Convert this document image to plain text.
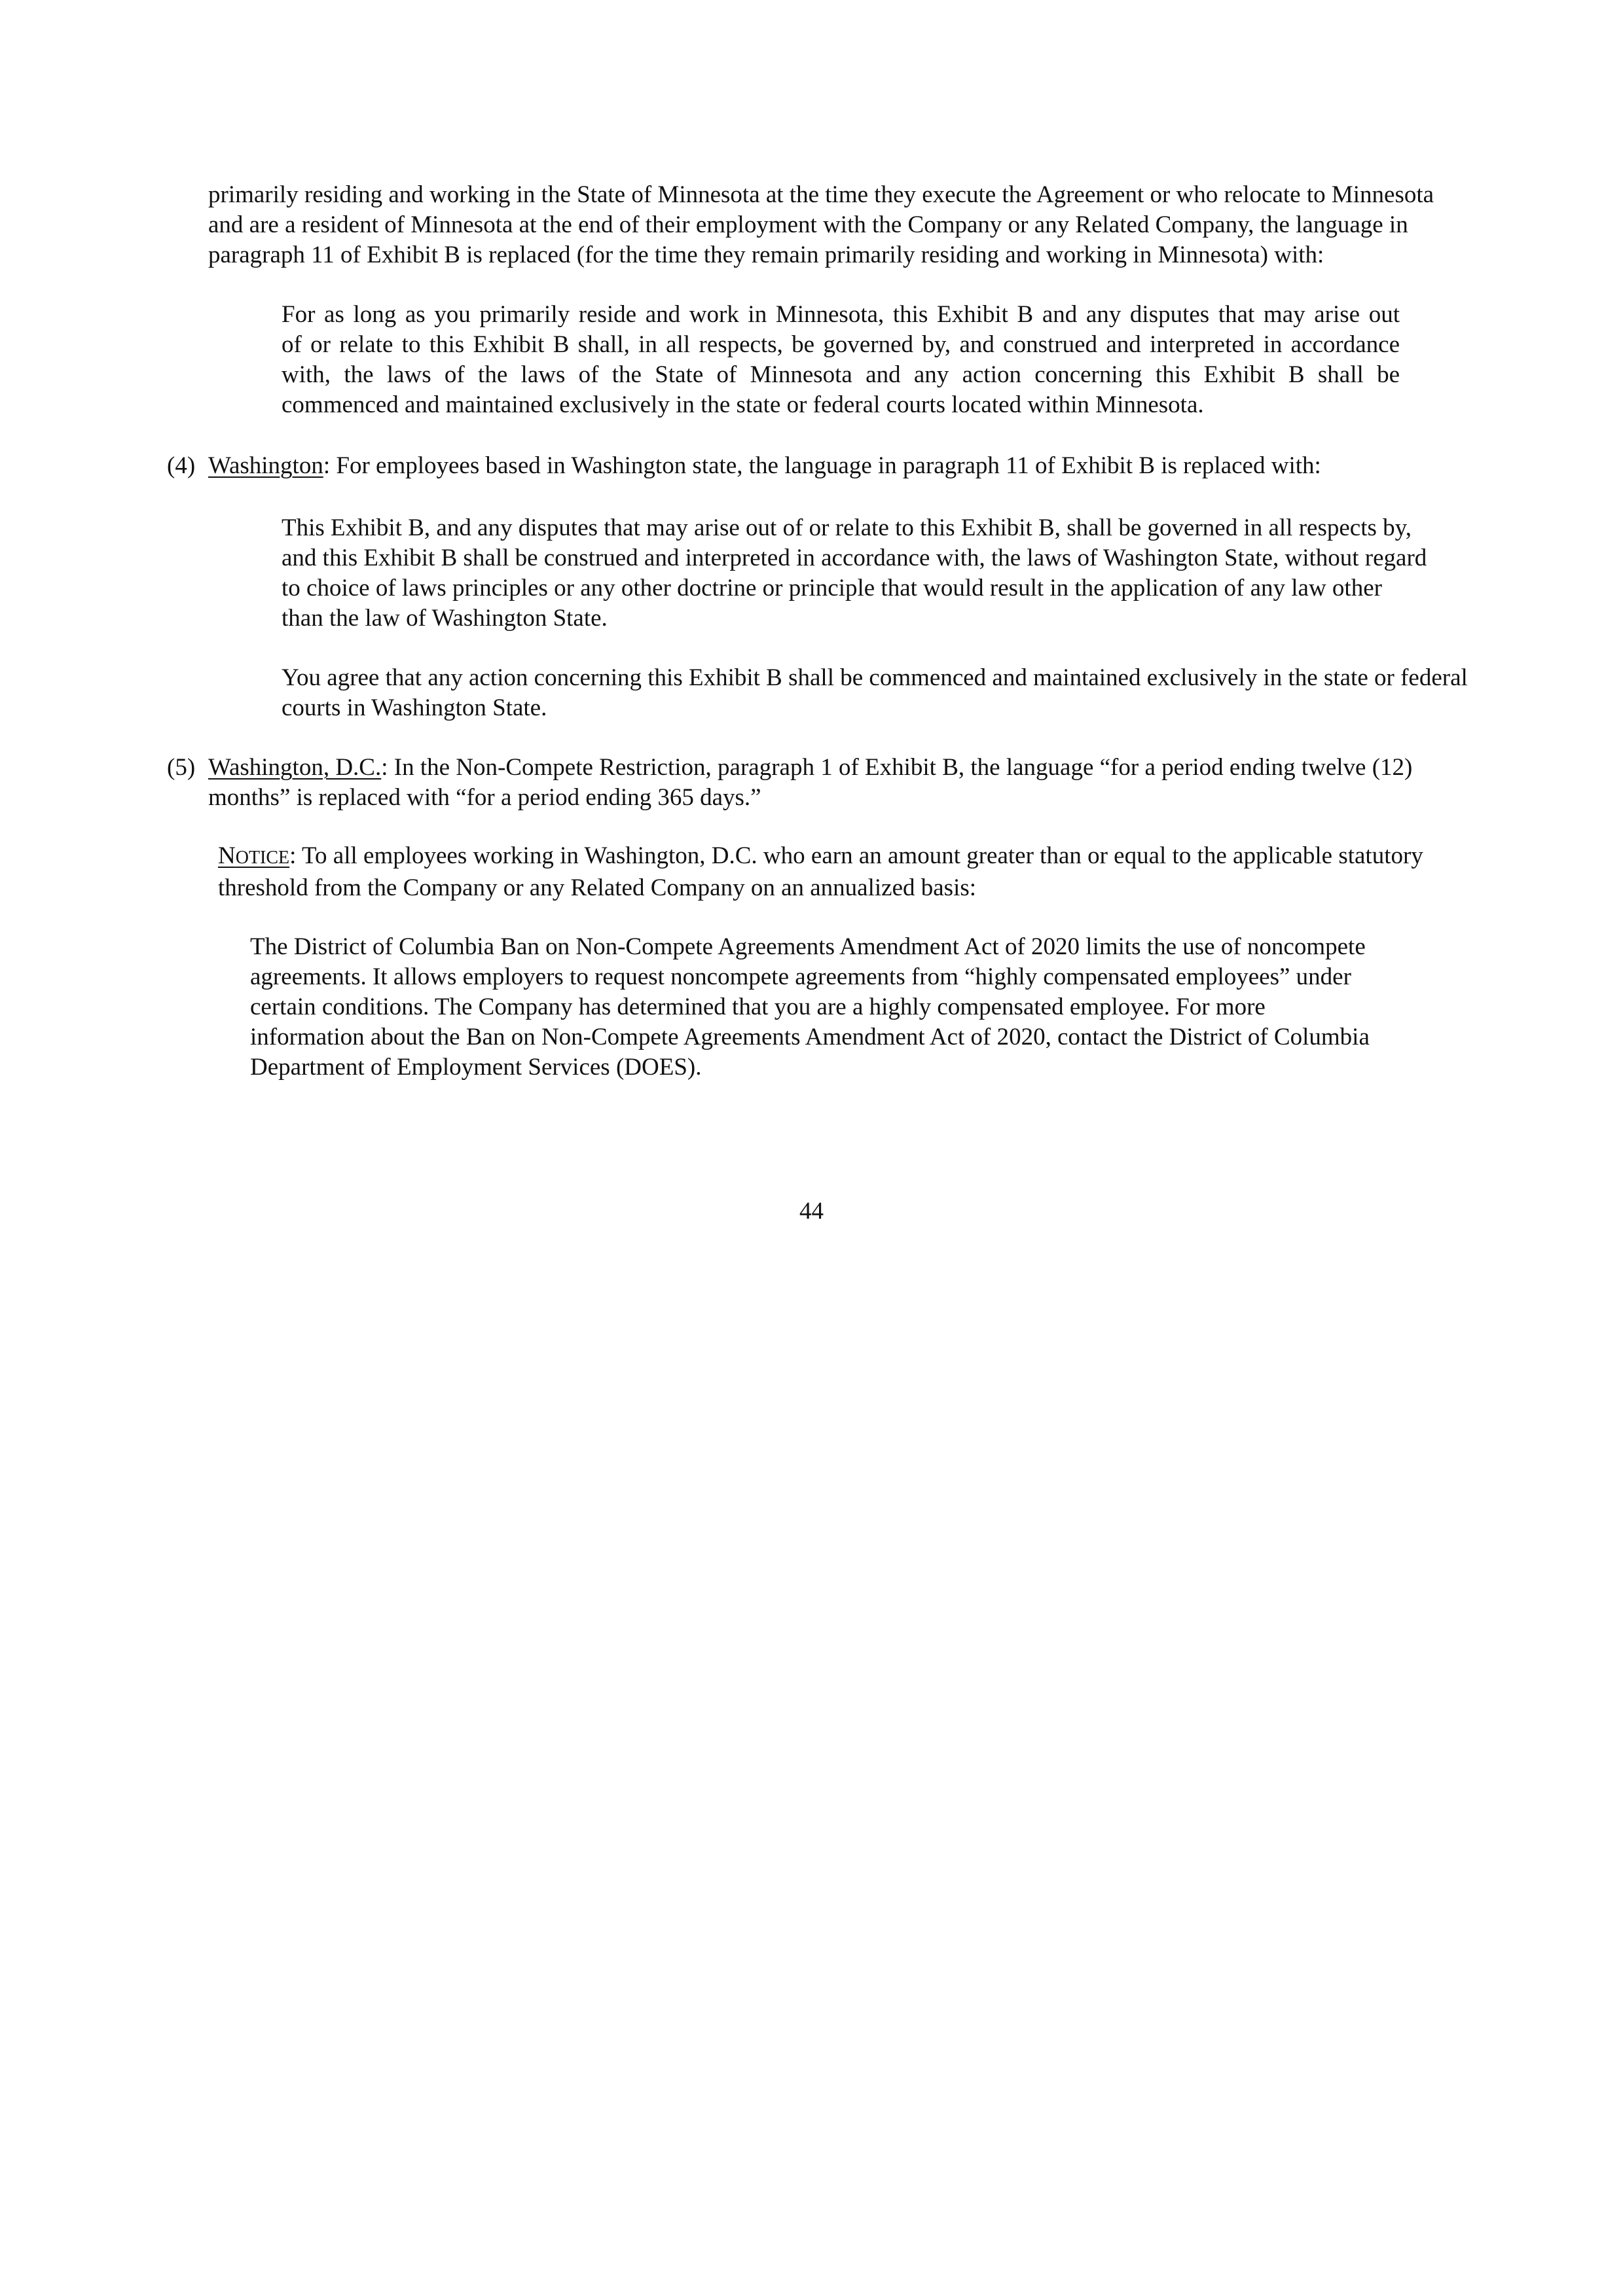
primarily residing and working in the State of Minnesota at the time they execute the Agreement or who relocate to Minnesota
and are a resident of Minnesota at the end of their employment with the Company or any Related Company, the language in
paragraph 11 of Exhibit B is replaced (for the time they remain primarily residing and working in Minnesota) with:
For as long as you primarily reside and work in Minnesota, this Exhibit B and any disputes that may arise out
of or relate to this Exhibit B shall, in all respects, be governed by, and construed and interpreted in accordance
with, the laws of the laws of the State of Minnesota and any action concerning this Exhibit B shall be
commenced and maintained exclusively in the state or federal courts located within Minnesota.
(4) Washington: For employees based in Washington state, the language in paragraph 11 of Exhibit B is replaced with:
This Exhibit B, and any disputes that may arise out of or relate to this Exhibit B, shall be governed in all respects by,
and this Exhibit B shall be construed and interpreted in accordance with, the laws of Washington State, without regard
to choice of laws principles or any other doctrine or principle that would result in the application of any law other
than the law of Washington State.
You agree that any action concerning this Exhibit B shall be commenced and maintained exclusively in the state or federal
courts in Washington State.
(5) Washington, D.C.: In the Non-Compete Restriction, paragraph 1 of Exhibit B, the language “for a period ending twelve (12)
months” is replaced with “for a period ending 365 days.”
NOTICE: To all employees working in Washington, D.C. who earn an amount greater than or equal to the applicable statutory
threshold from the Company or any Related Company on an annualized basis:
The District of Columbia Ban on Non-Compete Agreements Amendment Act of 2020 limits the use of noncompete
agreements. It allows employers to request noncompete agreements from “highly compensated employees” under
certain conditions. The Company has determined that you are a highly compensated employee. For more
information about the Ban on Non-Compete Agreements Amendment Act of 2020, contact the District of Columbia
Department of Employment Services (DOES).
44
